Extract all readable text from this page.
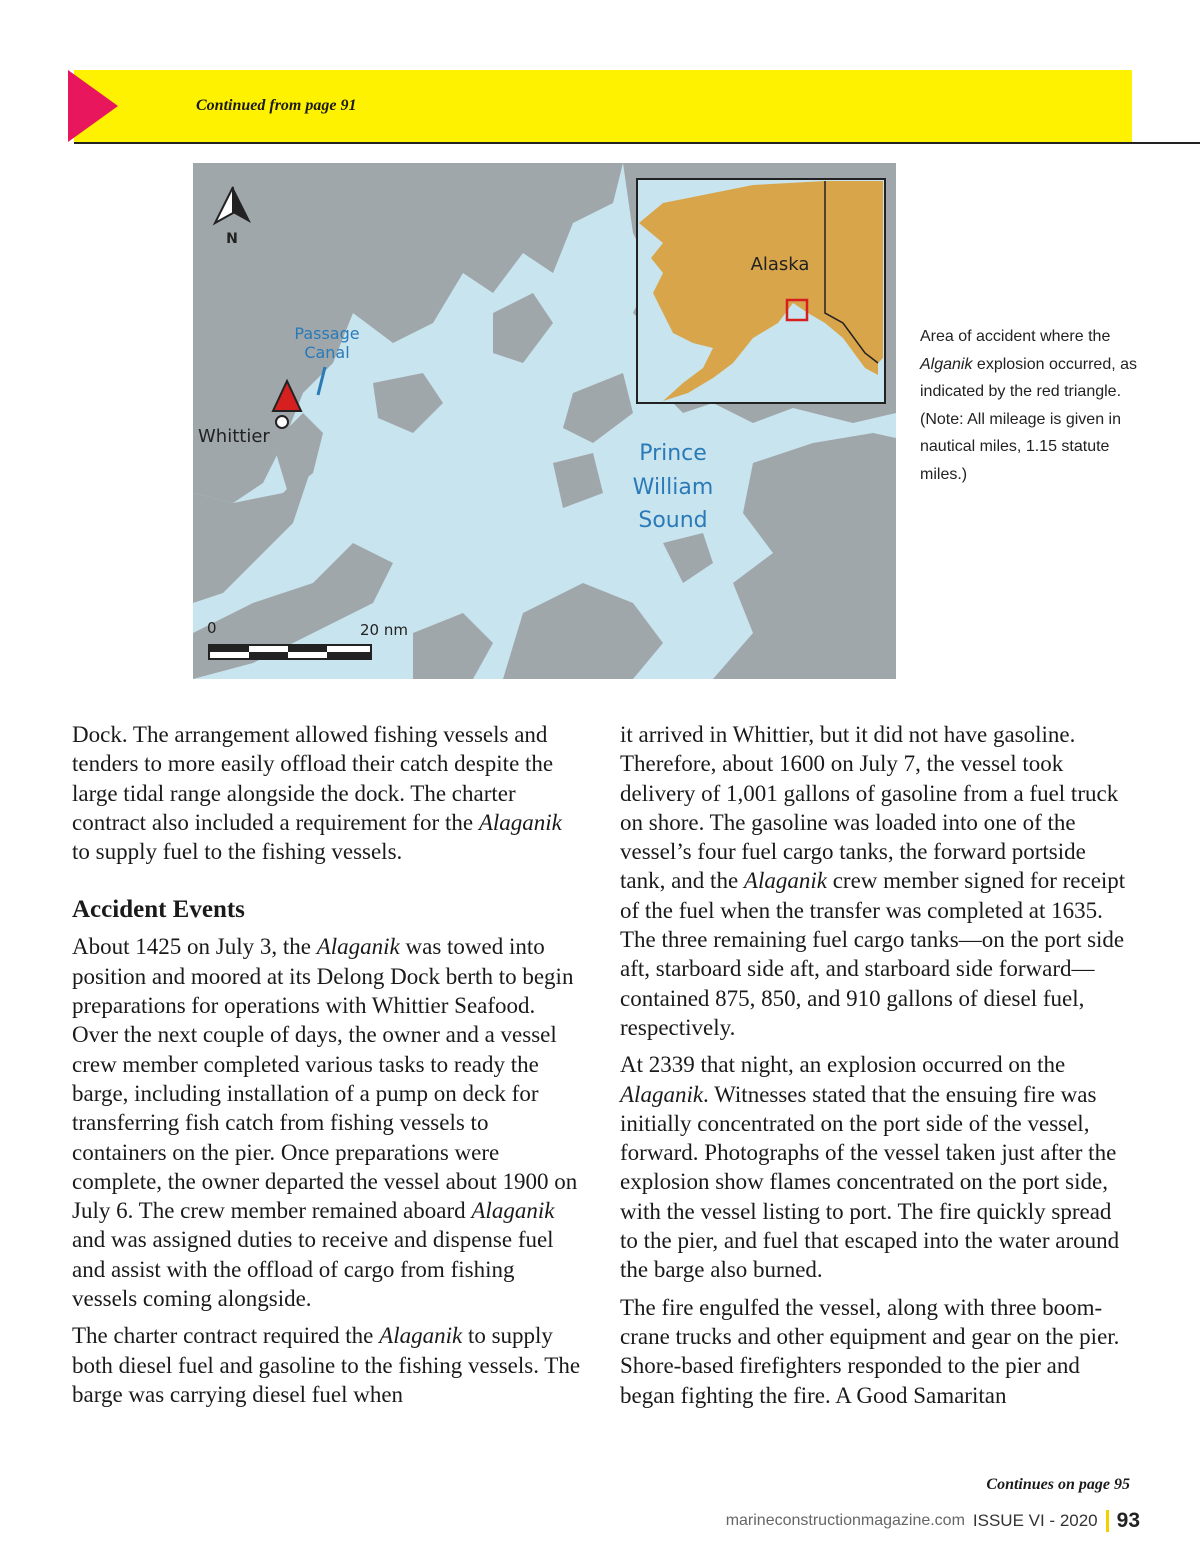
Continued from page 91
N
Passage
Canal
Whittier
Prince
William
Sound
Alaska
0	20 nm
Area of accident where the Alganik explosion occurred, as indicated by the red triangle. (Note: All mileage is given in nautical miles, 1.15 statute miles.)

Dock. The arrangement allowed fishing vessels and tenders to more easily offload their catch despite the large tidal range alongside the dock. The charter contract also included a requirement for the Alaganik to supply fuel to the fishing vessels.

Accident Events

About 1425 on July 3, the Alaganik was towed into position and moored at its Delong Dock berth to begin preparations for operations with Whittier Seafood. Over the next couple of days, the owner and a vessel crew member completed various tasks to ready the barge, including installation of a pump on deck for transferring fish catch from fishing vessels to containers on the pier. Once preparations were complete, the owner departed the vessel about 1900 on July 6. The crew member remained aboard Alaganik and was assigned duties to receive and dispense fuel and assist with the offload of cargo from fishing vessels coming alongside.

The charter contract required the Alaganik to supply both diesel fuel and gasoline to the fishing vessels. The barge was carrying diesel fuel when

it arrived in Whittier, but it did not have gasoline. Therefore, about 1600 on July 7, the vessel took delivery of 1,001 gallons of gasoline from a fuel truck on shore. The gasoline was loaded into one of the vessel’s four fuel cargo tanks, the forward portside tank, and the Alaganik crew member signed for receipt of the fuel when the transfer was completed at 1635. The three remaining fuel cargo tanks—on the port side aft, starboard side aft, and starboard side forward—contained 875, 850, and 910 gallons of diesel fuel, respectively.

At 2339 that night, an explosion occurred on the Alaganik. Witnesses stated that the ensuing fire was initially concentrated on the port side of the vessel, forward. Photographs of the vessel taken just after the explosion show flames concentrated on the port side, with the vessel listing to port. The fire quickly spread to the pier, and fuel that escaped into the water around the barge also burned.

The fire engulfed the vessel, along with three boom-crane trucks and other equipment and gear on the pier. Shore-based firefighters responded to the pier and began fighting the fire. A Good Samaritan

Continues on page 95
marineconstructionmagazine.com ISSUE VI - 2020 93
